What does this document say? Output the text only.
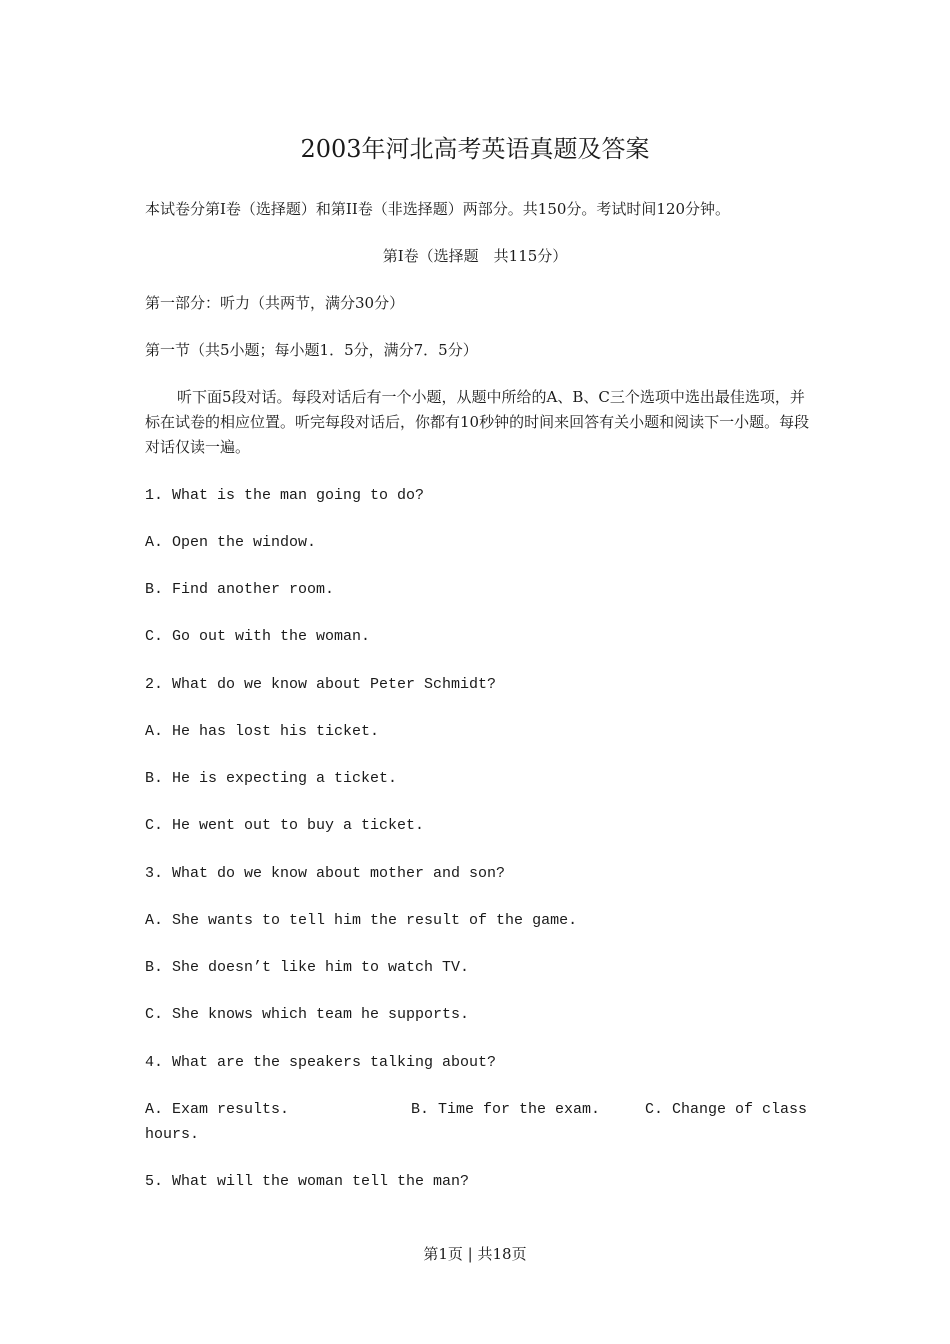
2003年河北高考英语真题及答案
本试卷分第I卷（选择题）和第II卷（非选择题）两部分。共150分。考试时间120分钟。
第I卷（选择题　共115分）
第一部分：听力（共两节，满分30分）
第一节（共5小题；每小题1．5分，满分7．5分）
听下面5段对话。每段对话后有一个小题，从题中所给的A、B、C三个选项中选出最佳选项，并标在试卷的相应位置。听完每段对话后，你都有10秒钟的时间来回答有关小题和阅读下一小题。每段对话仅读一遍。
1. What is the man going to do?
A. Open the window.
B. Find another room.
C. Go out with the woman.
2. What do we know about Peter Schmidt?
A. He has lost his ticket.
B. He is expecting a ticket.
C. He went out to buy a ticket.
3. What do we know about mother and son?
A. She wants to tell him the result of the game.
B. She doesn’t like him to watch TV.
C. She knows which team he supports.
4. What are the speakers talking about?
A. Exam results.	B. Time for the exam.	C. Change of class
hours.
5. What will the woman tell the man?
第1页 | 共18页
